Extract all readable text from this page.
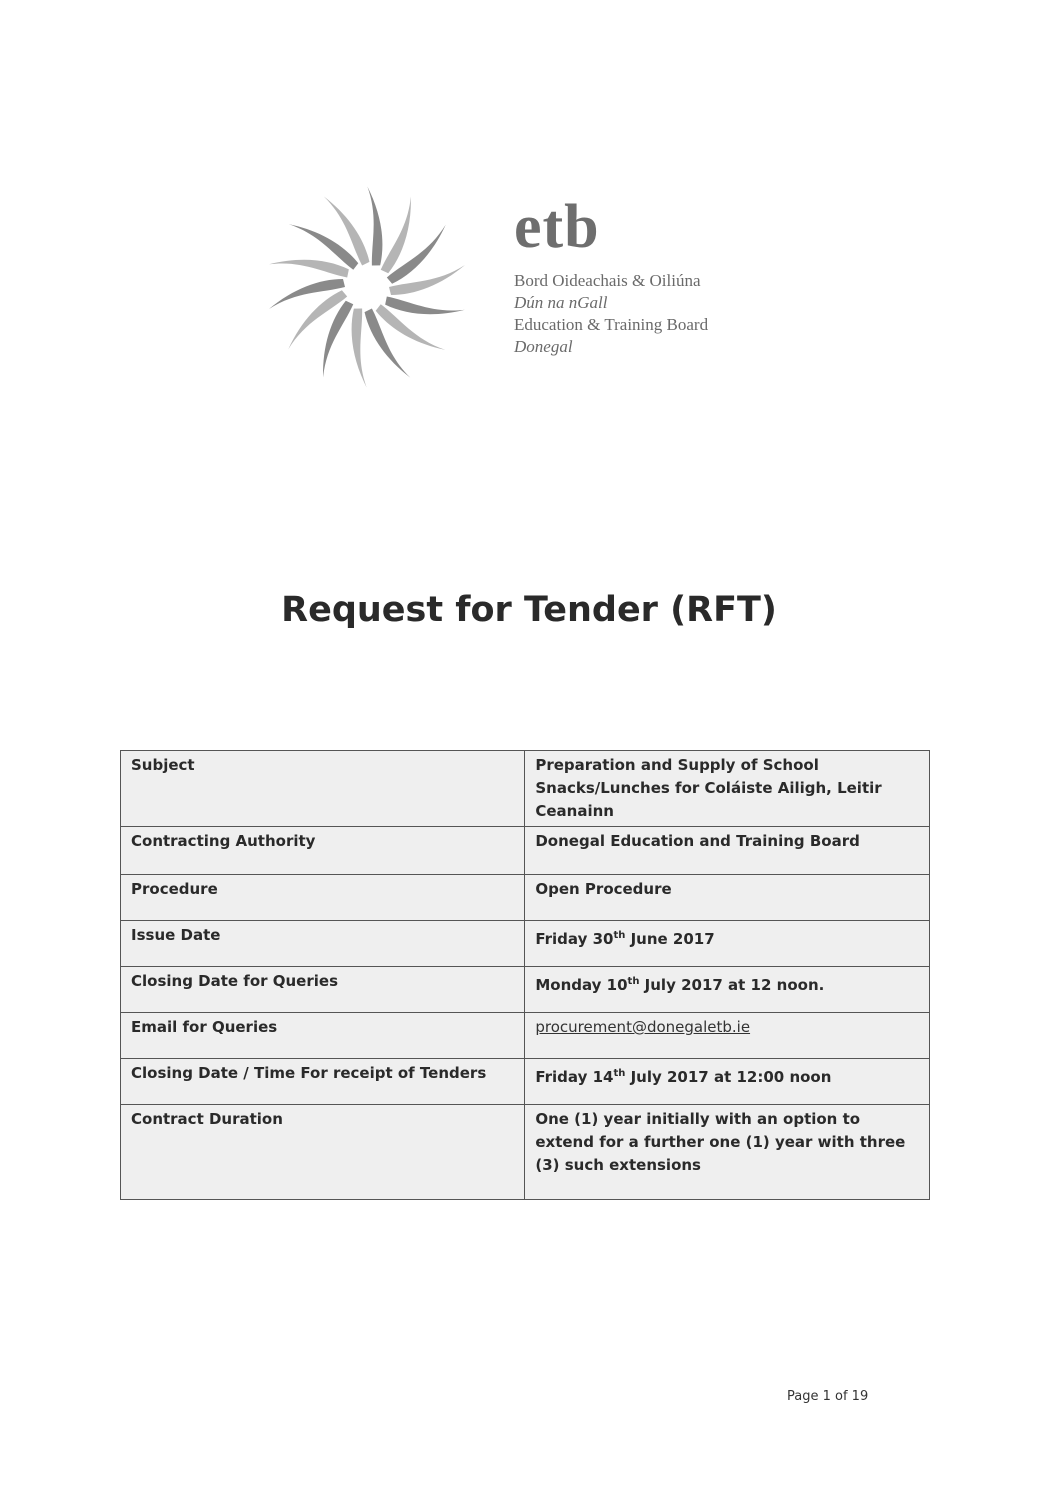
etb
Bord Oideachais & Oiliúna
Dún na nGall
Education & Training Board
Donegal
Request for Tender (RFT)
Subject	Preparation and Supply of School Snacks/Lunches for Coláiste Ailigh, Leitir Ceanainn
Contracting Authority	Donegal Education and Training Board
Procedure	Open Procedure
Issue Date	Friday 30th June 2017
Closing Date for Queries	Monday 10th July 2017 at 12 noon.
Email for Queries	procurement@donegaletb.ie
Closing Date / Time For receipt of Tenders	Friday 14th July 2017 at 12:00 noon
Contract Duration	One (1) year initially with an option to extend for a further one (1) year with three (3) such extensions
Page 1 of 19
